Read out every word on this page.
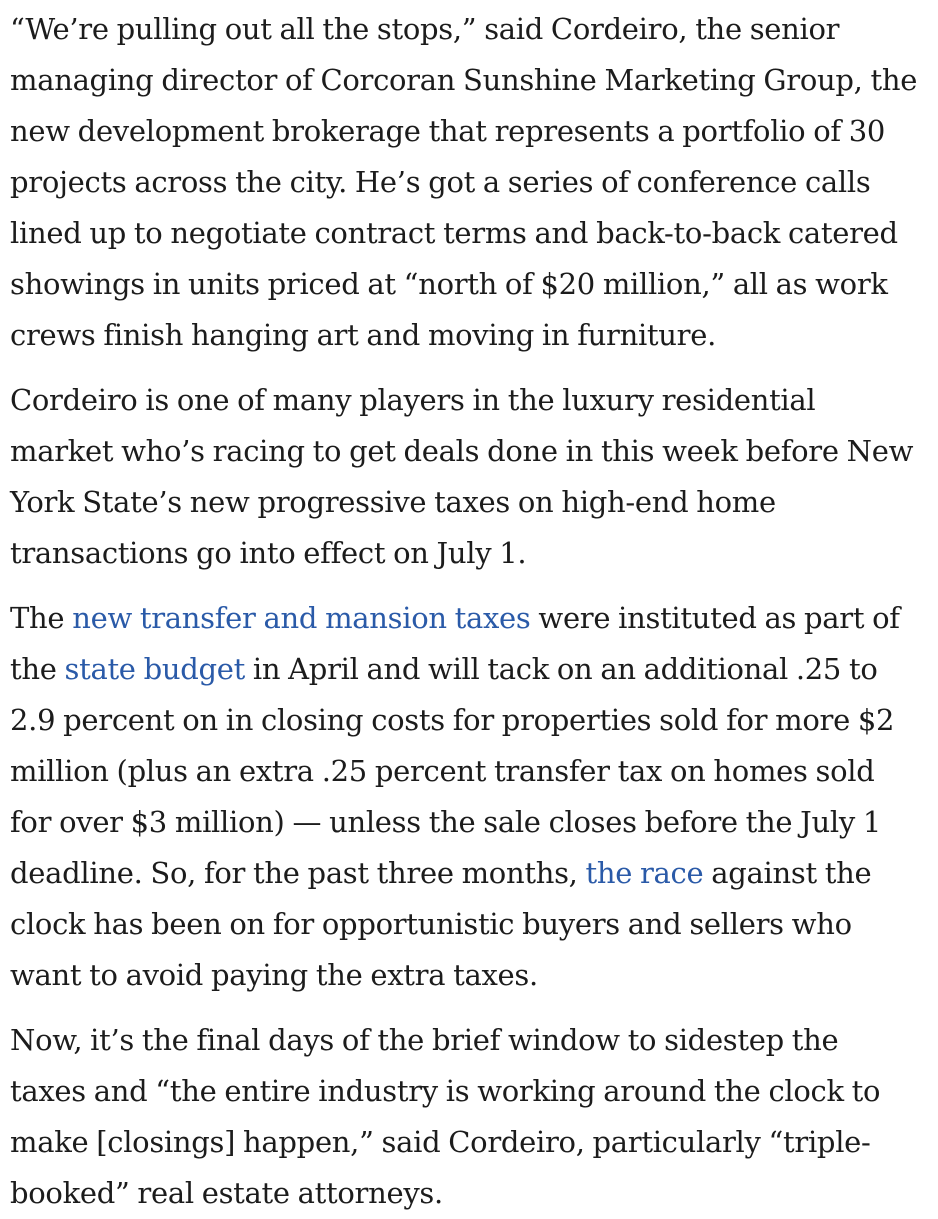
“We’re pulling out all the stops,” said Cordeiro, the senior managing director of Corcoran Sunshine Marketing Group, the new development brokerage that represents a portfolio of 30 projects across the city. He’s got a series of conference calls lined up to negotiate contract terms and back-to-back catered showings in units priced at “north of $20 million,” all as work crews finish hanging art and moving in furniture.

Cordeiro is one of many players in the luxury residential market who’s racing to get deals done in this week before New York State’s new progressive taxes on high-end home transactions go into effect on July 1.

The new transfer and mansion taxes were instituted as part of the state budget in April and will tack on an additional .25 to 2.9 percent on in closing costs for properties sold for more $2 million (plus an extra .25 percent transfer tax on homes sold for over $3 million) — unless the sale closes before the July 1 deadline. So, for the past three months, the race against the clock has been on for opportunistic buyers and sellers who want to avoid paying the extra taxes.

Now, it’s the final days of the brief window to sidestep the taxes and “the entire industry is working around the clock to make [closings] happen,” said Cordeiro, particularly “triple-booked” real estate attorneys.
